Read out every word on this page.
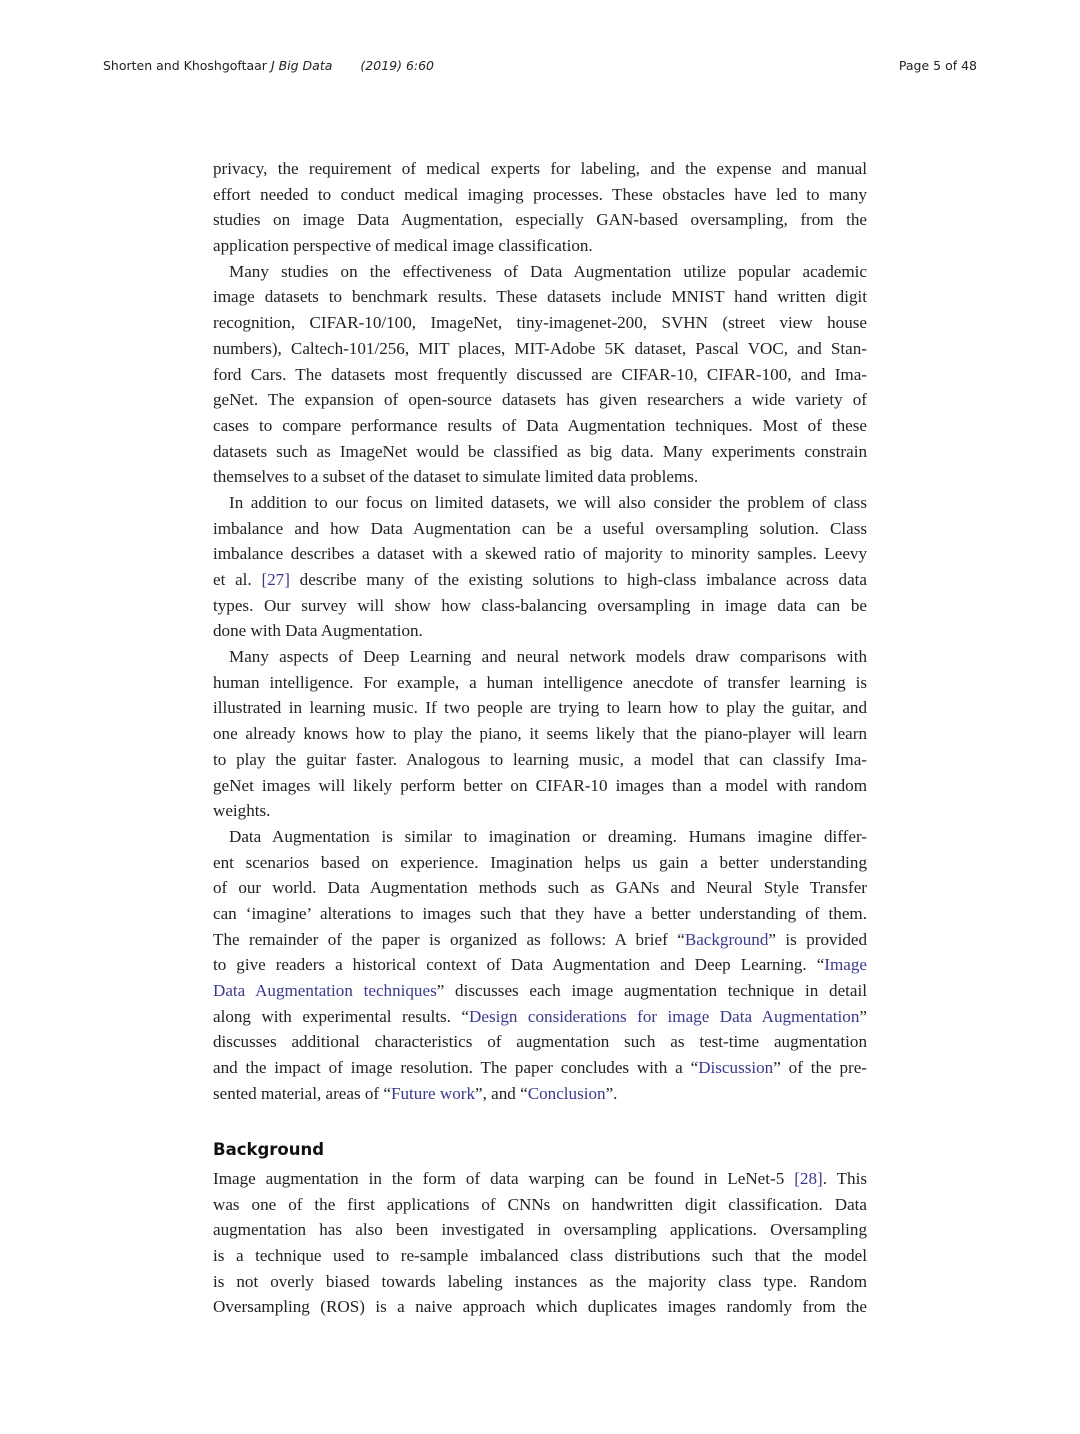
Shorten and Khoshgoftaar J Big Data (2019) 6:60	Page 5 of 48
privacy, the requirement of medical experts for labeling, and the expense and manual
effort needed to conduct medical imaging processes. These obstacles have led to many
studies on image Data Augmentation, especially GAN-based oversampling, from the
application perspective of medical image classification.
Many studies on the effectiveness of Data Augmentation utilize popular academic
image datasets to benchmark results. These datasets include MNIST hand written digit
recognition, CIFAR-10/100, ImageNet, tiny-imagenet-200, SVHN (street view house
numbers), Caltech-101/256, MIT places, MIT-Adobe 5K dataset, Pascal VOC, and Stan-
ford Cars. The datasets most frequently discussed are CIFAR-10, CIFAR-100, and Ima-
geNet. The expansion of open-source datasets has given researchers a wide variety of
cases to compare performance results of Data Augmentation techniques. Most of these
datasets such as ImageNet would be classified as big data. Many experiments constrain
themselves to a subset of the dataset to simulate limited data problems.
In addition to our focus on limited datasets, we will also consider the problem of class
imbalance and how Data Augmentation can be a useful oversampling solution. Class
imbalance describes a dataset with a skewed ratio of majority to minority samples. Leevy
et al. [27] describe many of the existing solutions to high-class imbalance across data
types. Our survey will show how class-balancing oversampling in image data can be
done with Data Augmentation.
Many aspects of Deep Learning and neural network models draw comparisons with
human intelligence. For example, a human intelligence anecdote of transfer learning is
illustrated in learning music. If two people are trying to learn how to play the guitar, and
one already knows how to play the piano, it seems likely that the piano-player will learn
to play the guitar faster. Analogous to learning music, a model that can classify Ima-
geNet images will likely perform better on CIFAR-10 images than a model with random
weights.
Data Augmentation is similar to imagination or dreaming. Humans imagine differ-
ent scenarios based on experience. Imagination helps us gain a better understanding
of our world. Data Augmentation methods such as GANs and Neural Style Transfer
can ‘imagine’ alterations to images such that they have a better understanding of them.
The remainder of the paper is organized as follows: A brief “Background” is provided
to give readers a historical context of Data Augmentation and Deep Learning. “Image
Data Augmentation techniques” discusses each image augmentation technique in detail
along with experimental results. “Design considerations for image Data Augmentation”
discusses additional characteristics of augmentation such as test-time augmentation
and the impact of image resolution. The paper concludes with a “Discussion” of the pre-
sented material, areas of “Future work”, and “Conclusion”.
Background
Image augmentation in the form of data warping can be found in LeNet-5 [28]. This
was one of the first applications of CNNs on handwritten digit classification. Data
augmentation has also been investigated in oversampling applications. Oversampling
is a technique used to re-sample imbalanced class distributions such that the model
is not overly biased towards labeling instances as the majority class type. Random
Oversampling (ROS) is a naive approach which duplicates images randomly from the
